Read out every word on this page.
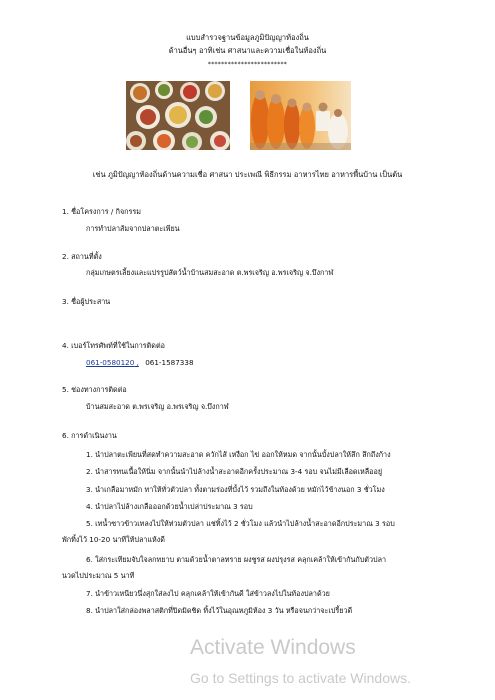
แบบสำรวจฐานข้อมูลภูมิปัญญาท้องถิ่น
ด้านอื่นๆ อาทิเช่น ศาสนาและความเชื่อในท้องถิ่น
************************
เช่น ภูมิปัญญาท้องถิ่นด้านความเชื่อ ศาสนา ประเพณี พิธีกรรม อาหารไทย อาหารพื้นบ้าน เป็นต้น
1. ชื่อโครงการ / กิจกรรม
การทำปลาส้มจากปลาตะเพียน
2. สถานที่ตั้ง
กลุ่มเกษตรเลี้ยงและแปรรูปสัตว์น้ำบ้านสมสะอาด ต.พรเจริญ อ.พรเจริญ จ.บึงกาฬ
3. ชื่อผู้ประสาน
4. เบอร์โทรศัพท์ที่ใช้ในการติดต่อ
061-0580120 , 061-1587338
5. ช่องทางการติดต่อ
บ้านสมสะอาด ต.พรเจริญ อ.พรเจริญ จ.บึงกาฬ
6. การดำเนินงาน
1. นำปลาตะเพียนที่สดทำความสะอาด ควักไส้ เหงือก ไข่ ออกให้หมด จากนั้นบั้งปลาให้ลึก ลึกถึงก้าง
2. นำสารทนเนื้อให้นิ่ม จากนั้นนำไปล้างน้ำสะอาดอีกครั้งประมาณ 3-4 รอบ จนไม่มีเลือดเหลืออยู่
3. นำเกลือมาหมัก ทาให้ทั่วตัวปลา ทั้งตามร่องที่บั้งไว้ รวมถึงในท้องด้วย หมักไว้ข้างนอก 3 ชั่วโมง
4. นำปลาไปล้างเกลือออกด้วยน้ำเปล่าประมาณ 3 รอบ
5. เทน้ำซาวข้าวเทลงไปให้ท่วมตัวปลา แช่ทิ้งไว้ 2 ชั่วโมง แล้วนำไปล้างน้ำสะอาดอีกประมาณ 3 รอบ
พักทิ้งไว้ 10-20 นาทีให้ปลาแห้งดี
6. ใส่กระเทียมจับใจลกทยาบ ตามด้วยน้ำตาลทราย ผงชูรส ผงปรุงรส คลุกเคล้าให้เข้ากันกับตัวปลา
นวดไปประมาณ 5 นาที
7. นำข้าวเหนียวนึ่งสุกใส่ลงไป คลุกเคล้าให้เข้ากันดี ใส่ข้าวลงไปในท้องปลาด้วย
8. นำปลาใส่กล่องพลาสติกที่ปิดมิดชิด ทิ้งไว้ในอุณหภูมิห้อง 3 วัน หรือจนกว่าจะเปรี้ยวดี
Activate Windows
Go to Settings to activate Windows.
